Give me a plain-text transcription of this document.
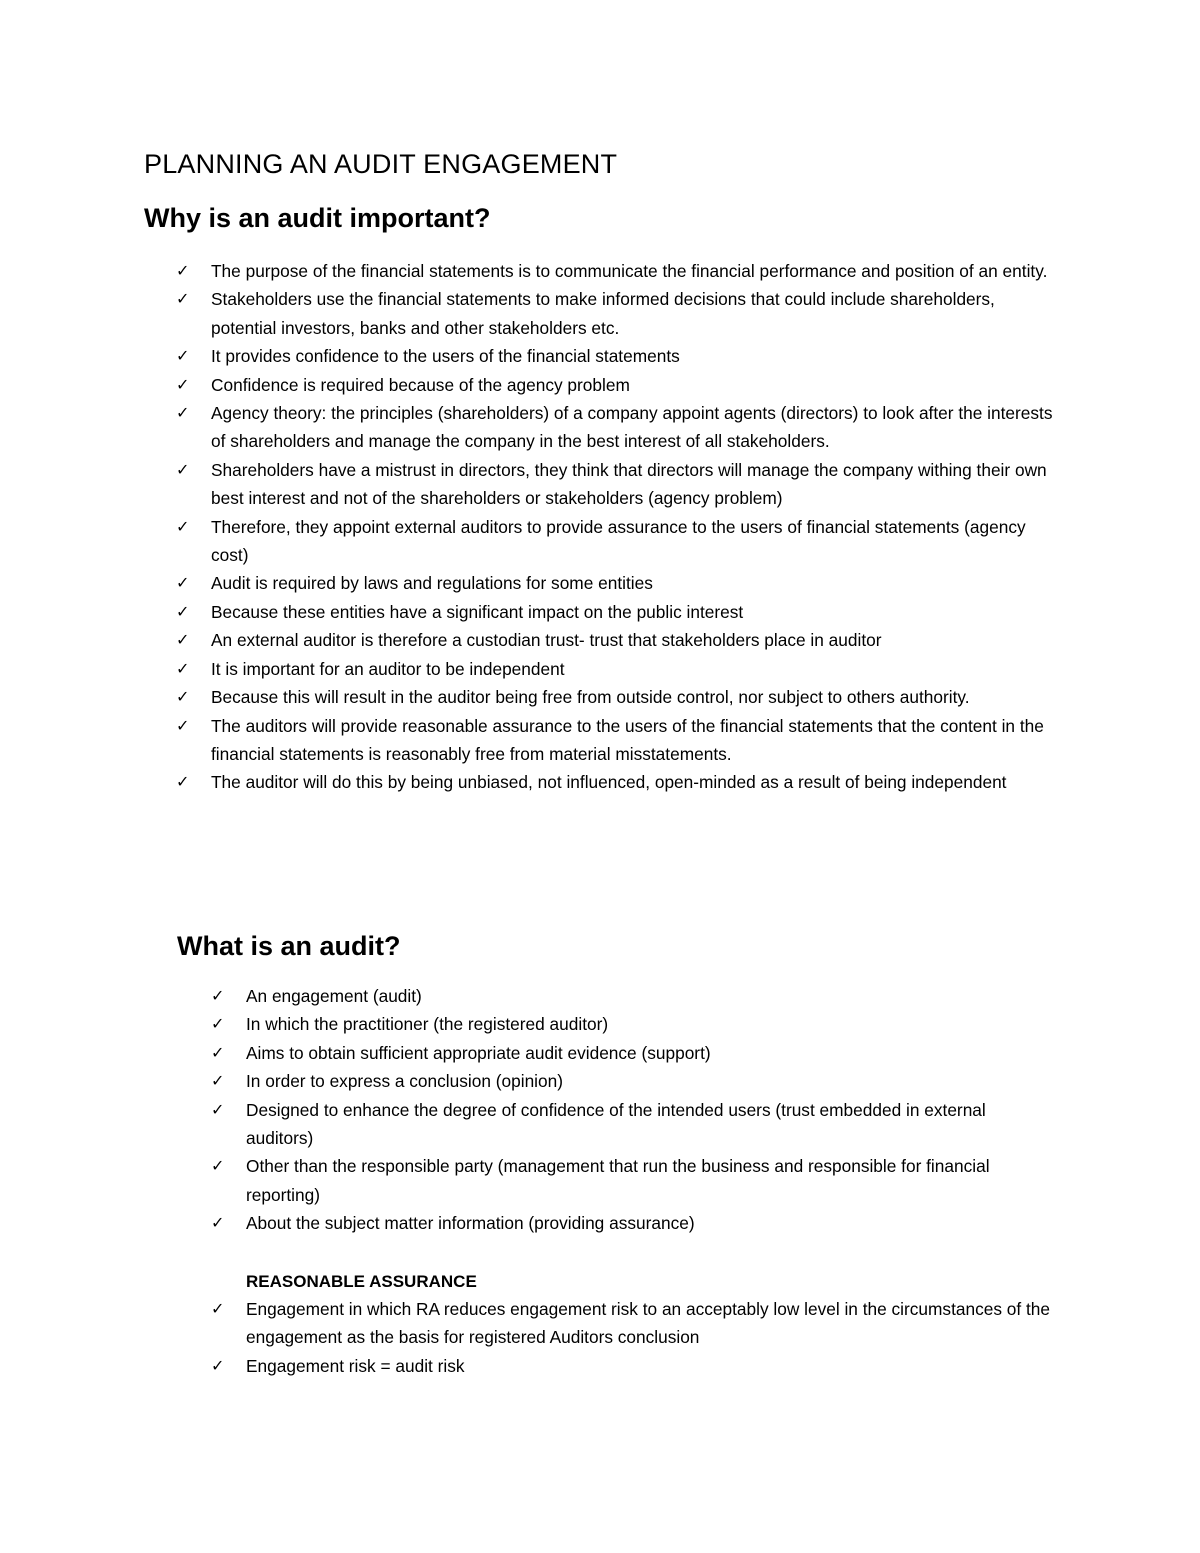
PLANNING AN AUDIT ENGAGEMENT
Why is an audit important?
✓	The purpose of the financial statements is to communicate the financial performance and position of an entity.
✓	Stakeholders use the financial statements to make informed decisions that could include shareholders, potential investors, banks and other stakeholders etc.
✓	It provides confidence to the users of the financial statements
✓	Confidence is required because of the agency problem
✓	Agency theory: the principles (shareholders) of a company appoint agents (directors) to look after the interests of shareholders and manage the company in the best interest of all stakeholders.
✓	Shareholders have a mistrust in directors, they think that directors will manage the company withing their own best interest and not of the shareholders or stakeholders (agency problem)
✓	Therefore, they appoint external auditors to provide assurance to the users of financial statements (agency cost)
✓	Audit is required by laws and regulations for some entities
✓	Because these entities have a significant impact on the public interest
✓	An external auditor is therefore a custodian trust- trust that stakeholders place in auditor
✓	It is important for an auditor to be independent
✓	Because this will result in the auditor being free from outside control, nor subject to others authority.
✓	The auditors will provide reasonable assurance to the users of the financial statements that the content in the financial statements is reasonably free from material misstatements.
✓	The auditor will do this by being unbiased, not influenced, open-minded as a result of being independent
What is an audit?
✓	An engagement (audit)
✓	In which the practitioner (the registered auditor)
✓	Aims to obtain sufficient appropriate audit evidence (support)
✓	In order to express a conclusion (opinion)
✓	Designed to enhance the degree of confidence of the intended users (trust embedded in external auditors)
✓	Other than the responsible party (management that run the business and responsible for financial reporting)
✓	About the subject matter information (providing assurance)
REASONABLE ASSURANCE
✓	Engagement in which RA reduces engagement risk to an acceptably low level in the circumstances of the engagement as the basis for registered Auditors conclusion
✓	Engagement risk = audit risk
